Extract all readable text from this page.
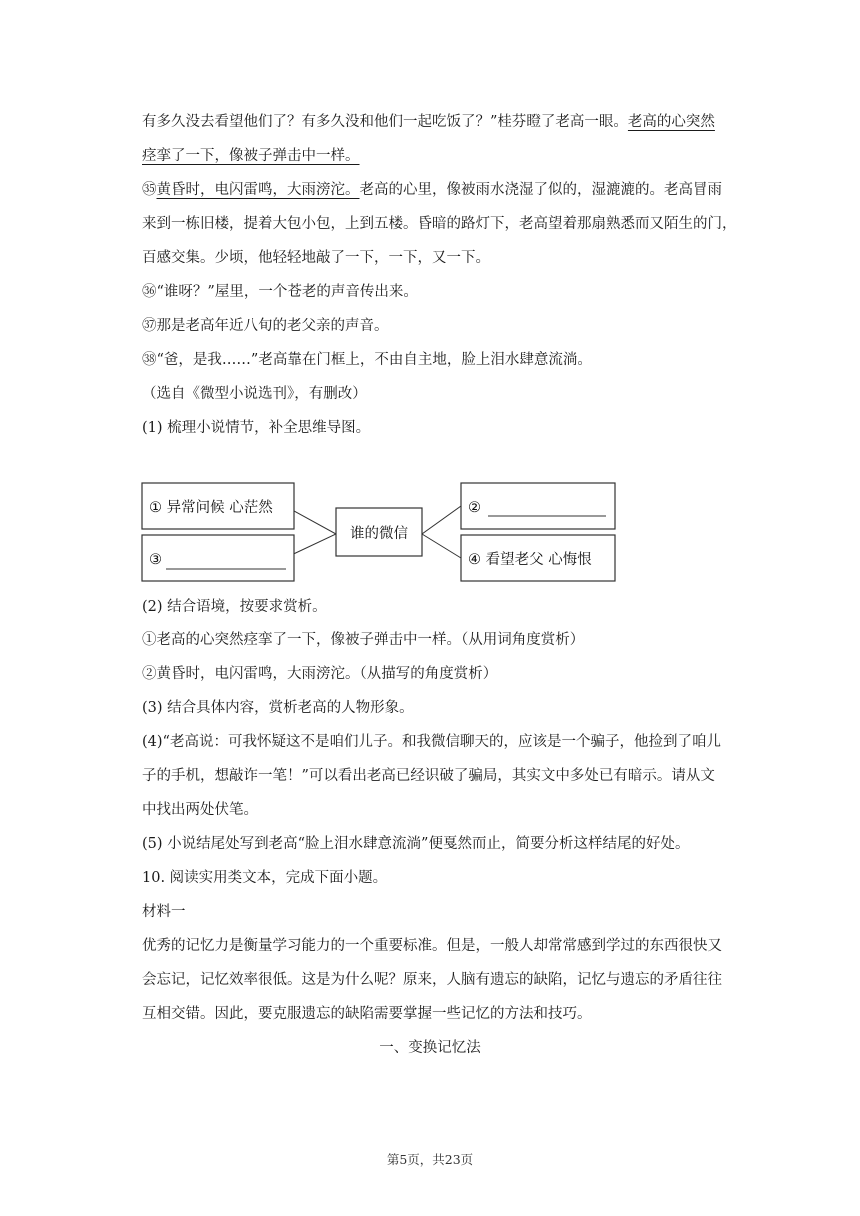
有多久没去看望他们了？有多久没和他们一起吃饭了？”桂芬瞪了老高一眼。老高的心突然

痉挛了一下，像被子弹击中一样。

㉟黄昏时，电闪雷鸣，大雨滂沱。老高的心里，像被雨水浇湿了似的，湿漉漉的。老高冒雨

来到一栋旧楼，提着大包小包，上到五楼。昏暗的路灯下，老高望着那扇熟悉而又陌生的门，

百感交集。少顷，他轻轻地敲了一下，一下，又一下。

㊱“谁呀？”屋里，一个苍老的声音传出来。

㊲那是老高年近八旬的老父亲的声音。

㊳“爸，是我……”老高靠在门框上，不由自主地，脸上泪水肆意流淌。

（选自《微型小说选刊》，有删改）

(1) 梳理小说情节，补全思维导图。

① 异常问候 心茫然
③
谁的微信
②
④ 看望老父 心悔恨

(2) 结合语境，按要求赏析。

①老高的心突然痉挛了一下，像被子弹击中一样。（从用词角度赏析）

②黄昏时，电闪雷鸣，大雨滂沱。（从描写的角度赏析）

(3) 结合具体内容，赏析老高的人物形象。

(4)“老高说：可我怀疑这不是咱们儿子。和我微信聊天的，应该是一个骗子，他捡到了咱儿

子的手机，想敲诈一笔！”可以看出老高已经识破了骗局，其实文中多处已有暗示。请从文

中找出两处伏笔。

(5) 小说结尾处写到老高“脸上泪水肆意流淌”便戛然而止，简要分析这样结尾的好处。

10. 阅读实用类文本，完成下面小题。

材料一

优秀的记忆力是衡量学习能力的一个重要标准。但是，一般人却常常感到学过的东西很快又

会忘记，记忆效率很低。这是为什么呢？原来，人脑有遗忘的缺陷，记忆与遗忘的矛盾往往

互相交错。因此，要克服遗忘的缺陷需要掌握一些记忆的方法和技巧。

一、变换记忆法

第5页，共23页
